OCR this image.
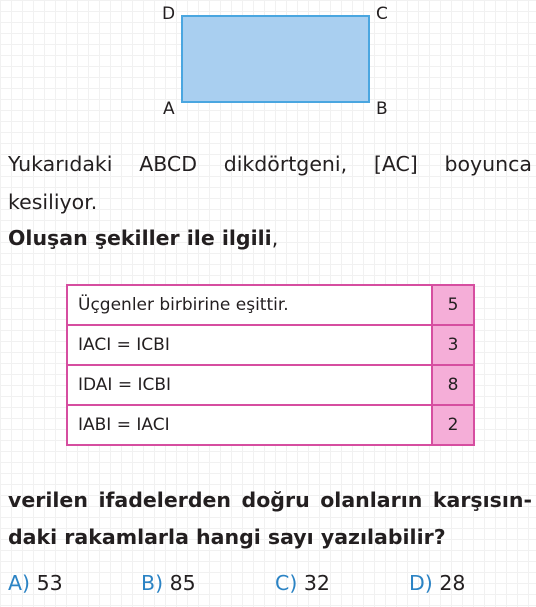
D	C
A	B
Yukarıdaki ABCD dikdörtgeni, [AC] boyunca
kesiliyor.
Oluşan şekiller ile ilgili,
Üçgenler birbirine eşittir.	5
IACI = ICBI	3
IDAI = ICBI	8
IABI = IACI	2
verilen ifadelerden doğru olanların karşısın-
daki rakamlarla hangi sayı yazılabilir?
A) 53	B) 85	C) 32	D) 28
